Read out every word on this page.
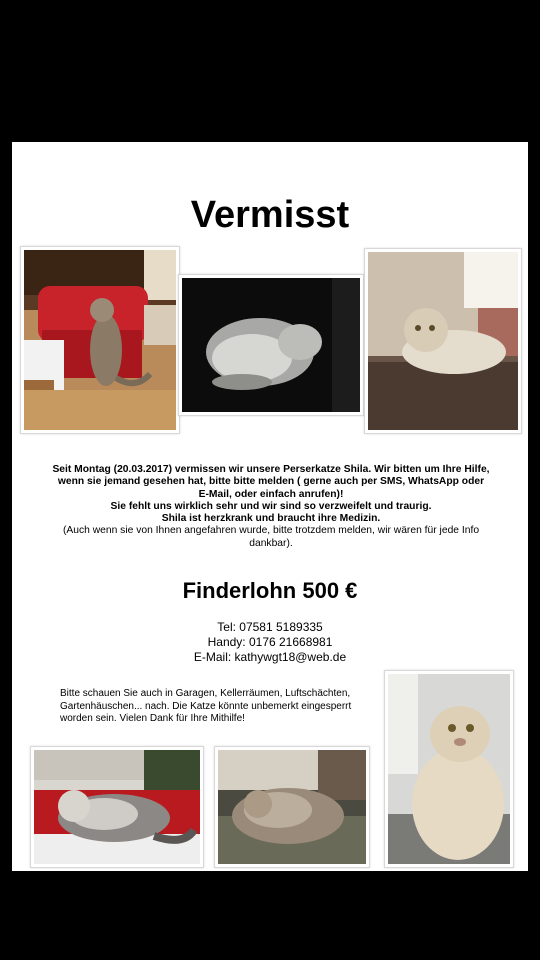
Vermisst
Seit Montag (20.03.2017) vermissen wir unsere Perserkatze Shila. Wir bitten um Ihre Hilfe, wenn sie jemand gesehen hat, bitte bitte melden ( gerne auch per SMS, WhatsApp oder
E-Mail, oder einfach anrufen)!
Sie fehlt uns wirklich sehr und wir sind so verzweifelt und traurig.
Shila ist herzkrank und braucht ihre Medizin.
(Auch wenn sie von Ihnen angefahren wurde, bitte trotzdem melden, wir wären für jede Info dankbar).
Finderlohn 500 €
Tel: 07581 5189335
Handy: 0176 21668981
E-Mail: kathywgt18@web.de
Bitte schauen Sie auch in Garagen, Kellerräumen, Luftschächten, Gartenhäuschen... nach. Die Katze könnte unbemerkt eingesperrt worden sein. Vielen Dank für Ihre Mithilfe!
